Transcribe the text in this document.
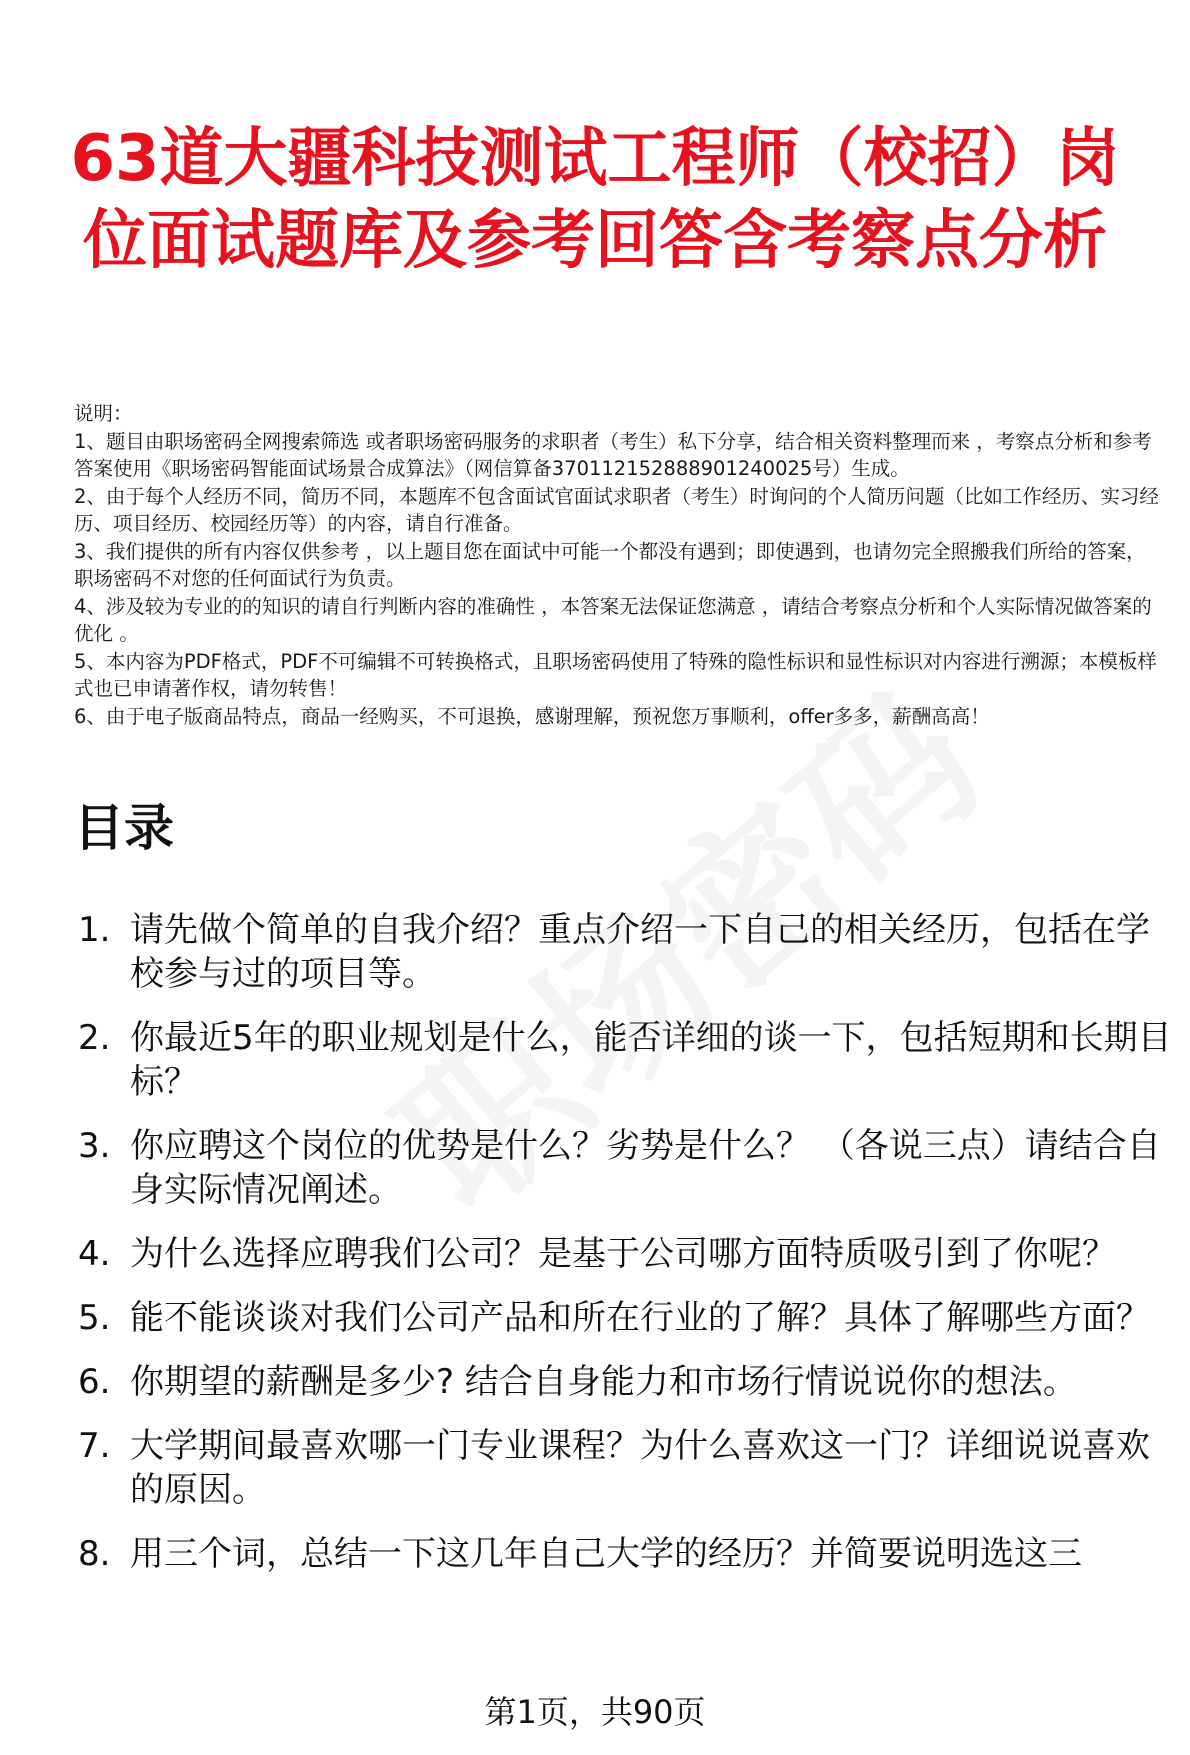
63道大疆科技测试工程师（校招）岗位面试题库及参考回答含考察点分析

说明：

1、题目由职场密码全网搜索筛选 或者职场密码服务的求职者（考生）私下分享，结合相关资料整理而来 ，考察点分析和参考答案使用《职场密码智能面试场景合成算法》（网信算备370112152888901240025号）生成。

2、由于每个人经历不同，简历不同，本题库不包含面试官面试求职者（考生）时询问的个人简历问题（比如工作经历、实习经历、项目经历、校园经历等）的内容，请自行准备。

3、我们提供的所有内容仅供参考 ，以上题目您在面试中可能一个都没有遇到；即使遇到，也请勿完全照搬我们所给的答案，职场密码不对您的任何面试行为负责。

4、涉及较为专业的的知识的请自行判断内容的准确性 ，本答案无法保证您满意 ，请结合考察点分析和个人实际情况做答案的优化 。

5、本内容为PDF格式，PDF不可编辑不可转换格式，且职场密码使用了特殊的隐性标识和显性标识对内容进行溯源；本模板样式也已申请著作权，请勿转售！

6、由于电子版商品特点，商品一经购买，不可退换，感谢理解，预祝您万事顺利，offer多多，薪酬高高！

目录
1. 请先做个简单的自我介绍？重点介绍一下自己的相关经历，包括在学校参与过的项目等。
2. 你最近5年的职业规划是什么，能否详细的谈一下，包括短期和长期目标？
3. 你应聘这个岗位的优势是什么？劣势是什么？ （各说三点）请结合自身实际情况阐述。
4. 为什么选择应聘我们公司？是基于公司哪方面特质吸引到了你呢？
5. 能不能谈谈对我们公司产品和所在行业的了解？具体了解哪些方面？
6. 你期望的薪酬是多少? 结合自身能力和市场行情说说你的想法。
7. 大学期间最喜欢哪一门专业课程？为什么喜欢这一门？详细说说喜欢的原因。
8. 用三个词，总结一下这几年自己大学的经历？并简要说明选这三
第1页，共90页
